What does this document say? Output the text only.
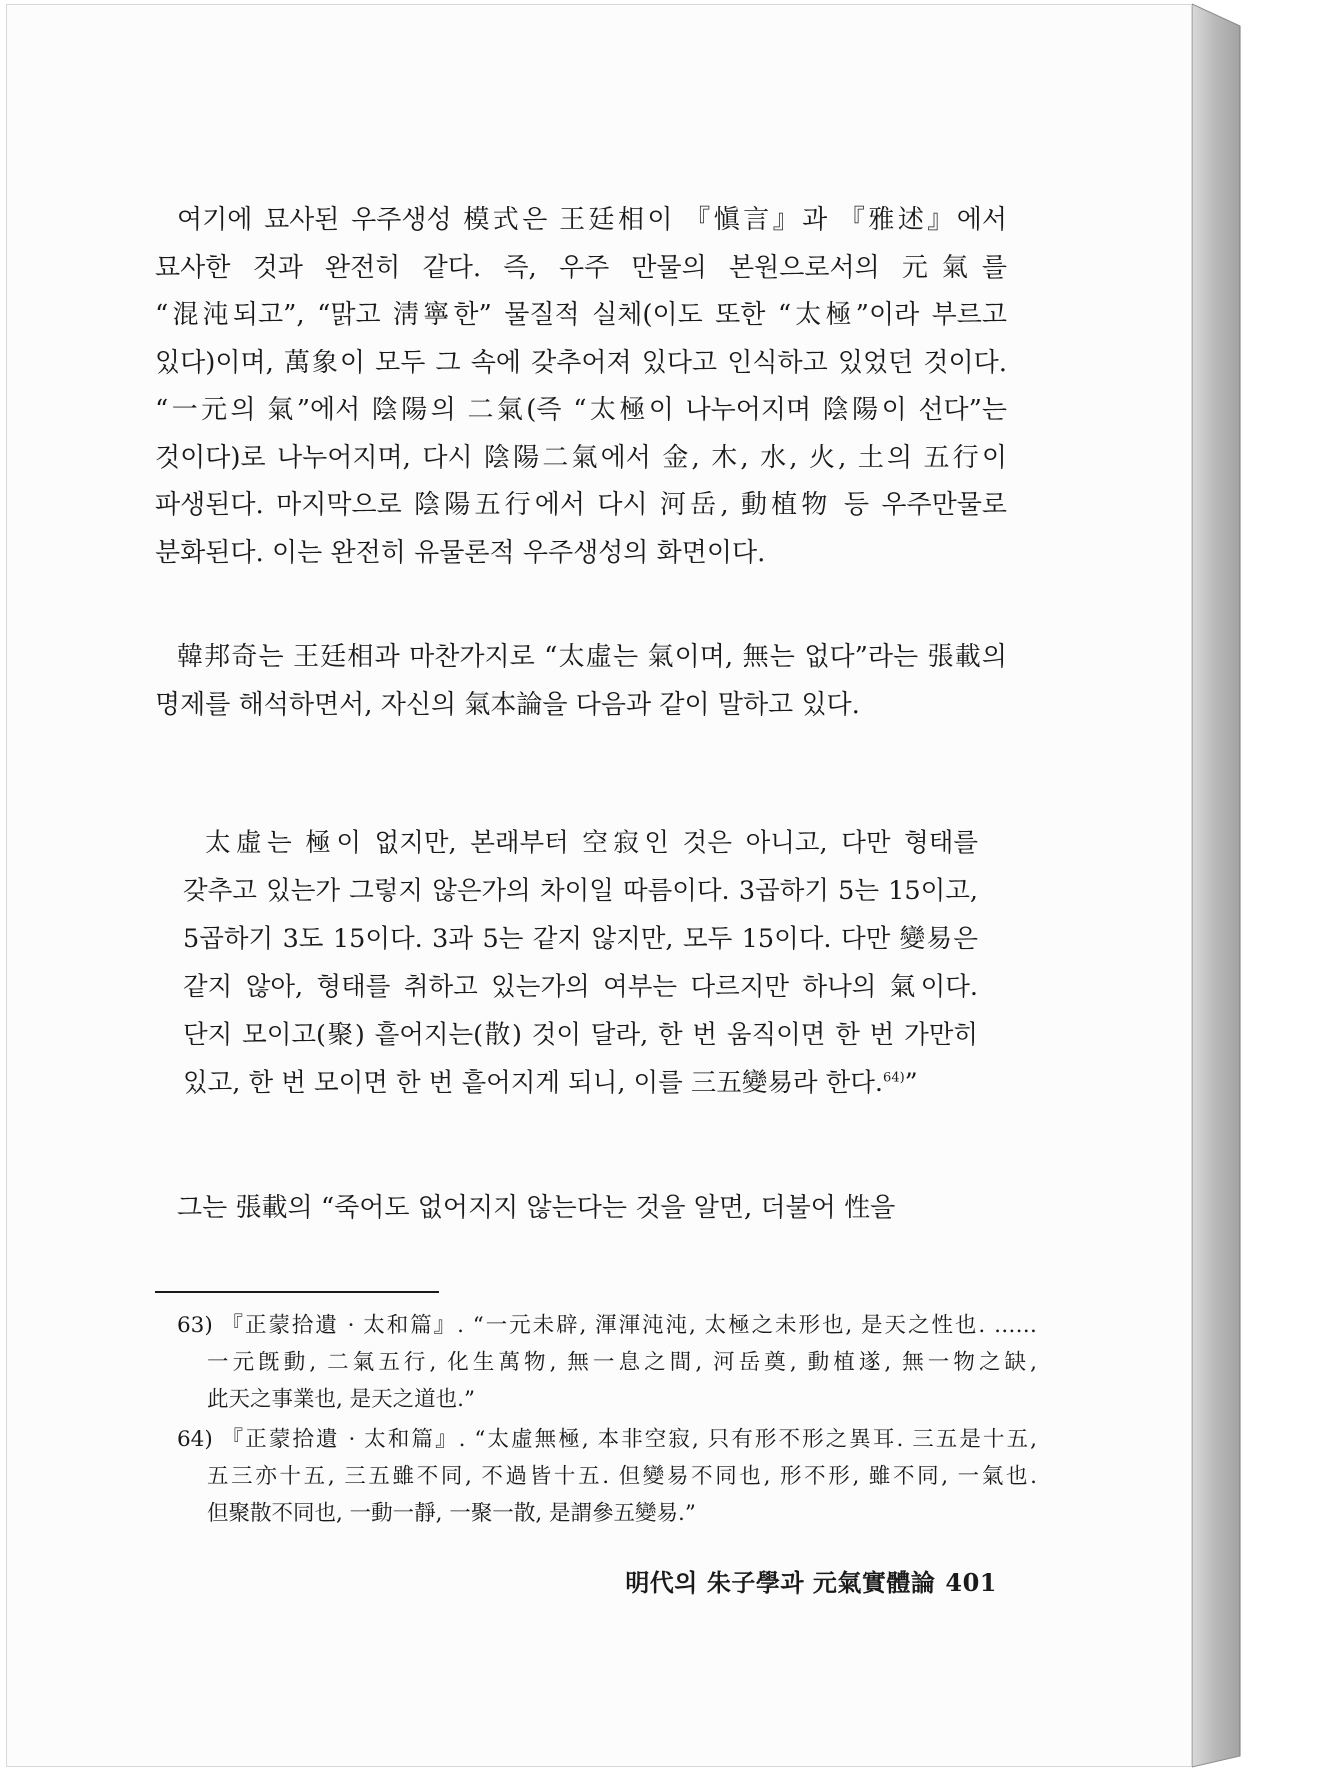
여기에 묘사된 우주생성 模式은 王廷相이 『愼言』과 『雅述』에서 묘사한 것과 완전히 같다. 즉, 우주 만물의 본원으로서의 元氣를 “混沌되고”, “맑고 淸寧한” 물질적 실체(이도 또한 “太極”이라 부르고 있다)이며, 萬象이 모두 그 속에 갖추어져 있다고 인식하고 있었던 것이다. “一元의 氣”에서 陰陽의 二氣(즉 “太極이 나누어지며 陰陽이 선다”는 것이다)로 나누어지며, 다시 陰陽二氣에서 金, 木, 水, 火, 土의 五行이 파생된다. 마지막으로 陰陽五行에서 다시 河岳, 動植物 등 우주만물로 분화된다. 이는 완전히 유물론적 우주생성의 화면이다.

韓邦奇는 王廷相과 마찬가지로 “太虛는 氣이며, 無는 없다”라는 張載의 명제를 해석하면서, 자신의 氣本論을 다음과 같이 말하고 있다.

太虛는 極이 없지만, 본래부터 空寂인 것은 아니고, 다만 형태를 갖추고 있는가 그렇지 않은가의 차이일 따름이다. 3곱하기 5는 15이고, 5곱하기 3도 15이다. 3과 5는 같지 않지만, 모두 15이다. 다만 變易은 같지 않아, 형태를 취하고 있는가의 여부는 다르지만 하나의 氣이다. 단지 모이고(聚) 흩어지는(散) 것이 달라, 한 번 움직이면 한 번 가만히 있고, 한 번 모이면 한 번 흩어지게 되니, 이를 三五變易라 한다.$^{64)}$”

그는 張載의 “죽어도 없어지지 않는다는 것을 알면, 더불어 性을

63) 『正蒙拾遺 · 太和篇』. “一元未辟, 渾渾沌沌, 太極之未形也, 是天之性也. …… 一元旣動, 二氣五行, 化生萬物, 無一息之間, 河岳奠, 動植遂, 無一物之缺, 此天之事業也, 是天之道也.”

64) 『正蒙拾遺 · 太和篇』. “太虛無極, 本非空寂, 只有形不形之異耳. 三五是十五, 五三亦十五, 三五雖不同, 不過皆十五. 但變易不同也, 形不形, 雖不同, 一氣也. 但聚散不同也, 一動一靜, 一聚一散, 是謂參五變易.”

明代의 朱子學과 元氣實體論 401
